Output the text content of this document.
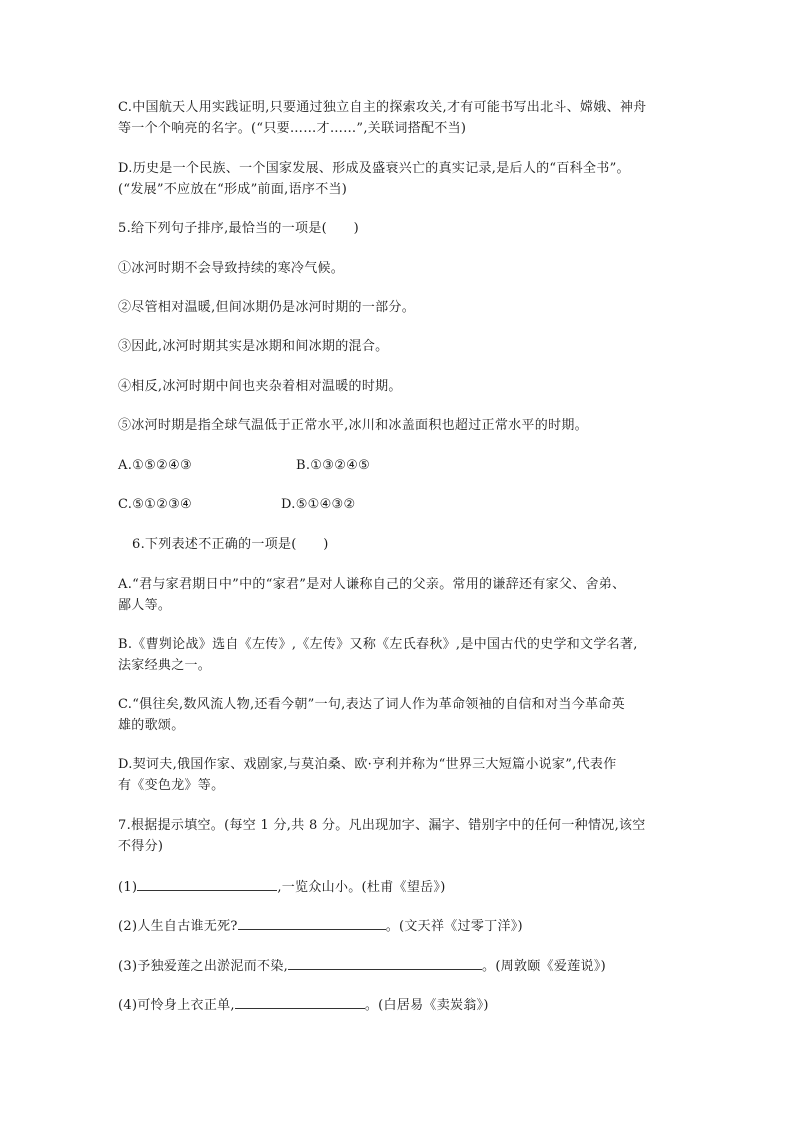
C.中国航天人用实践证明,只要通过独立自主的探索攻关,才有可能书写出北斗、嫦娥、神舟
等一个个响亮的名字。(“只要……才……”,关联词搭配不当)
D.历史是一个民族、一个国家发展、形成及盛衰兴亡的真实记录,是后人的“百科全书”。
(“发展”不应放在“形成”前面,语序不当)
5.给下列句子排序,最恰当的一项是(　　)
①冰河时期不会导致持续的寒冷气候。
②尽管相对温暖,但间冰期仍是冰河时期的一部分。
③因此,冰河时期其实是冰期和间冰期的混合。
④相反,冰河时期中间也夹杂着相对温暖的时期。
⑤冰河时期是指全球气温低于正常水平,冰川和冰盖面积也超过正常水平的时期。
A.①⑤②④③	B.①③②④⑤
C.⑤①②③④	D.⑤①④③②
6.下列表述不正确的一项是(　　)
A.“君与家君期日中”中的“家君”是对人谦称自己的父亲。常用的谦辞还有家父、舍弟、
鄙人等。
B.《曹刿论战》选自《左传》,《左传》又称《左氏春秋》,是中国古代的史学和文学名著,
法家经典之一。
C.“俱往矣,数风流人物,还看今朝”一句,表达了词人作为革命领袖的自信和对当今革命英
雄的歌颂。
D.契诃夫,俄国作家、戏剧家,与莫泊桑、欧·亨利并称为“世界三大短篇小说家”,代表作
有《变色龙》等。
7.根据提示填空。(每空 1 分,共 8 分。凡出现加字、漏字、错别字中的任何一种情况,该空
不得分)
(1)	,一览众山小。(杜甫《望岳》)
(2)人生自古谁无死?	。(文天祥《过零丁洋》)
(3)予独爱莲之出淤泥而不染,	。(周敦颐《爱莲说》)
(4)可怜身上衣正单,	。(白居易《卖炭翁》)
